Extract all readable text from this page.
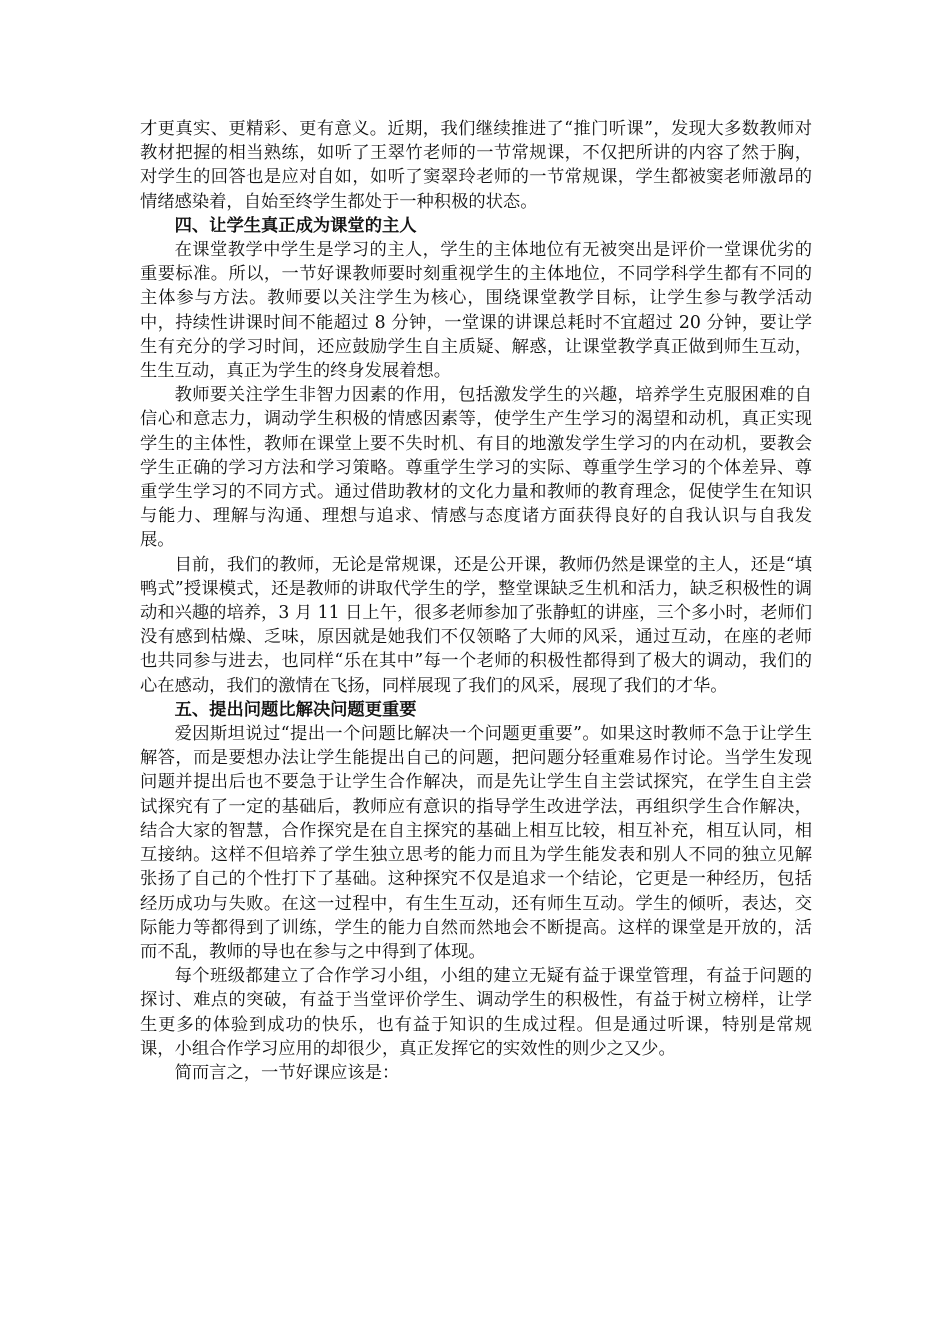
才更真实、更精彩、更有意义。近期，我们继续推进了“推门听课”，发现大多数教师对教材把握的相当熟练，如听了王翠竹老师的一节常规课，不仅把所讲的内容了然于胸，对学生的回答也是应对自如，如听了窦翠玲老师的一节常规课，学生都被窦老师激昂的情绪感染着，自始至终学生都处于一种积极的状态。

四、让学生真正成为课堂的主人

在课堂教学中学生是学习的主人，学生的主体地位有无被突出是评价一堂课优劣的重要标准。所以，一节好课教师要时刻重视学生的主体地位，不同学科学生都有不同的主体参与方法。教师要以关注学生为核心，围绕课堂教学目标，让学生参与教学活动中，持续性讲课时间不能超过 8 分钟，一堂课的讲课总耗时不宜超过 20 分钟，要让学生有充分的学习时间，还应鼓励学生自主质疑、解惑，让课堂教学真正做到师生互动，生生互动，真正为学生的终身发展着想。

教师要关注学生非智力因素的作用，包括激发学生的兴趣，培养学生克服困难的自信心和意志力，调动学生积极的情感因素等，使学生产生学习的渴望和动机，真正实现学生的主体性，教师在课堂上要不失时机、有目的地激发学生学习的内在动机，要教会学生正确的学习方法和学习策略。尊重学生学习的实际、尊重学生学习的个体差异、尊重学生学习的不同方式。通过借助教材的文化力量和教师的教育理念，促使学生在知识与能力、理解与沟通、理想与追求、情感与态度诸方面获得良好的自我认识与自我发展。

目前，我们的教师，无论是常规课，还是公开课，教师仍然是课堂的主人，还是“填鸭式”授课模式，还是教师的讲取代学生的学，整堂课缺乏生机和活力，缺乏积极性的调动和兴趣的培养，3 月 11 日上午，很多老师参加了张静虹的讲座，三个多小时，老师们没有感到枯燥、乏味，原因就是她我们不仅领略了大师的风采，通过互动，在座的老师也共同参与进去，也同样“乐在其中”每一个老师的积极性都得到了极大的调动，我们的心在感动，我们的激情在飞扬，同样展现了我们的风采，展现了我们的才华。

五、提出问题比解决问题更重要

爱因斯坦说过“提出一个问题比解决一个问题更重要”。如果这时教师不急于让学生解答，而是要想办法让学生能提出自己的问题，把问题分轻重难易作讨论。当学生发现问题并提出后也不要急于让学生合作解决，而是先让学生自主尝试探究，在学生自主尝试探究有了一定的基础后，教师应有意识的指导学生改进学法，再组织学生合作解决，结合大家的智慧，合作探究是在自主探究的基础上相互比较，相互补充，相互认同，相互接纳。这样不但培养了学生独立思考的能力而且为学生能发表和别人不同的独立见解张扬了自己的个性打下了基础。这种探究不仅是追求一个结论，它更是一种经历，包括经历成功与失败。在这一过程中，有生生互动，还有师生互动。学生的倾听，表达，交际能力等都得到了训练，学生的能力自然而然地会不断提高。这样的课堂是开放的，活而不乱，教师的导也在参与之中得到了体现。

每个班级都建立了合作学习小组，小组的建立无疑有益于课堂管理，有益于问题的探讨、难点的突破，有益于当堂评价学生、调动学生的积极性，有益于树立榜样，让学生更多的体验到成功的快乐，也有益于知识的生成过程。但是通过听课，特别是常规课，小组合作学习应用的却很少，真正发挥它的实效性的则少之又少。

简而言之，一节好课应该是：
